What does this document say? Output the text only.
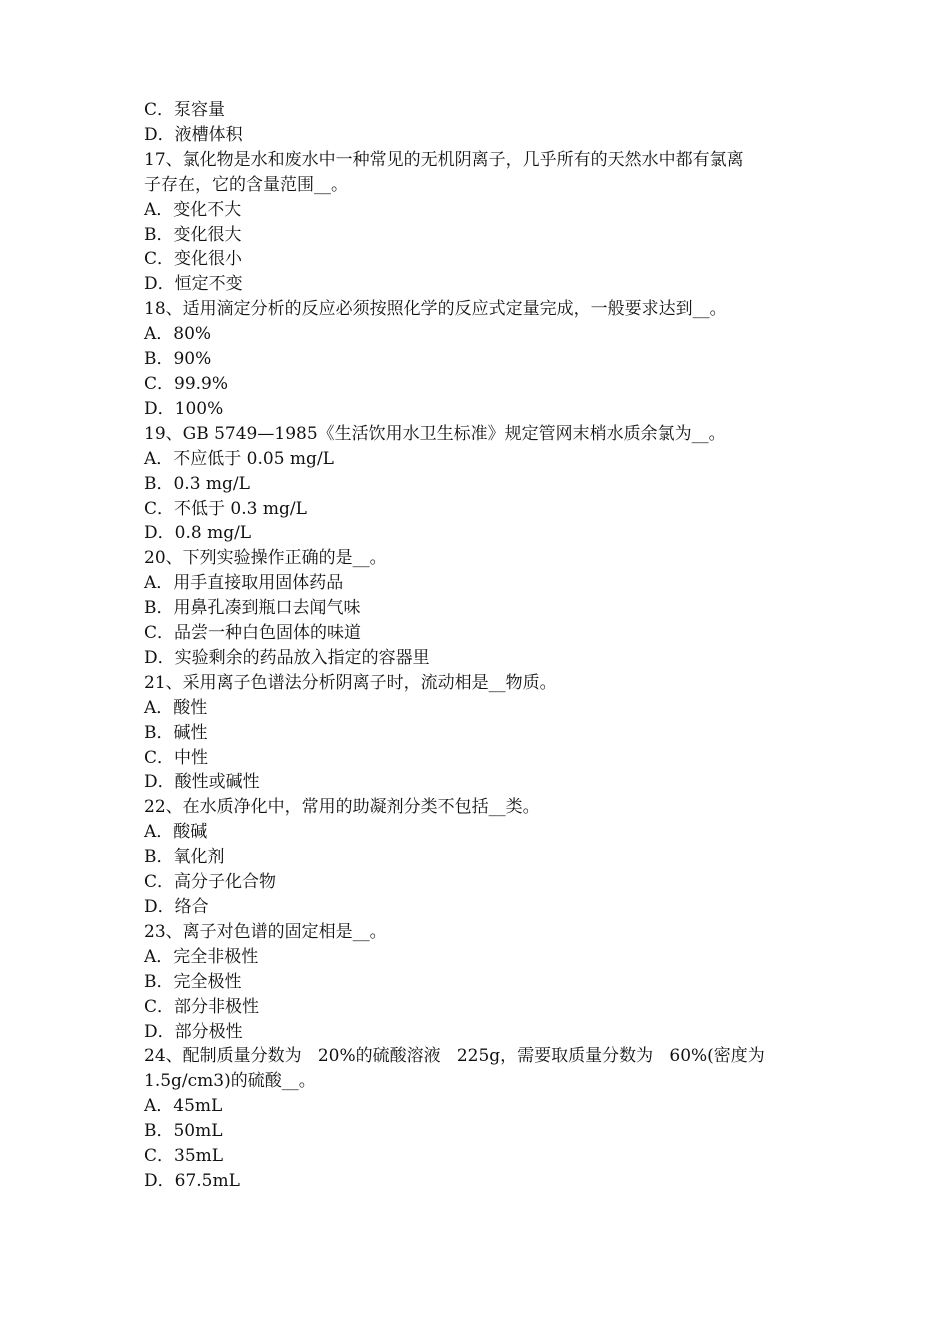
C．泵容量

D．液槽体积

17、氯化物是水和废水中一种常见的无机阴离子，几乎所有的天然水中都有氯离

子存在，它的含量范围__。

A．变化不大

B．变化很大

C．变化很小

D．恒定不变

18、适用滴定分析的反应必须按照化学的反应式定量完成，一般要求达到__。

A．80%

B．90%

C．99.9%

D．100%

19、GB 5749—1985《生活饮用水卫生标准》规定管网末梢水质余氯为__。

A．不应低于 0.05 mg/L

B．0.3 mg/L

C．不低于 0.3 mg/L

D．0.8 mg/L

20、下列实验操作正确的是__。

A．用手直接取用固体药品

B．用鼻孔凑到瓶口去闻气味

C．品尝一种白色固体的味道

D．实验剩余的药品放入指定的容器里

21、采用离子色谱法分析阴离子时，流动相是__物质。

A．酸性

B．碱性

C．中性

D．酸性或碱性

22、在水质净化中，常用的助凝剂分类不包括__类。

A．酸碱

B．氧化剂

C．高分子化合物

D．络合

23、离子对色谱的固定相是__。

A．完全非极性

B．完全极性

C．部分非极性

D．部分极性

24、配制质量分数为   20%的硫酸溶液   225g，需要取质量分数为   60%(密度为

1.5g/cm3)的硫酸__。

A．45mL

B．50mL

C．35mL

D．67.5mL
